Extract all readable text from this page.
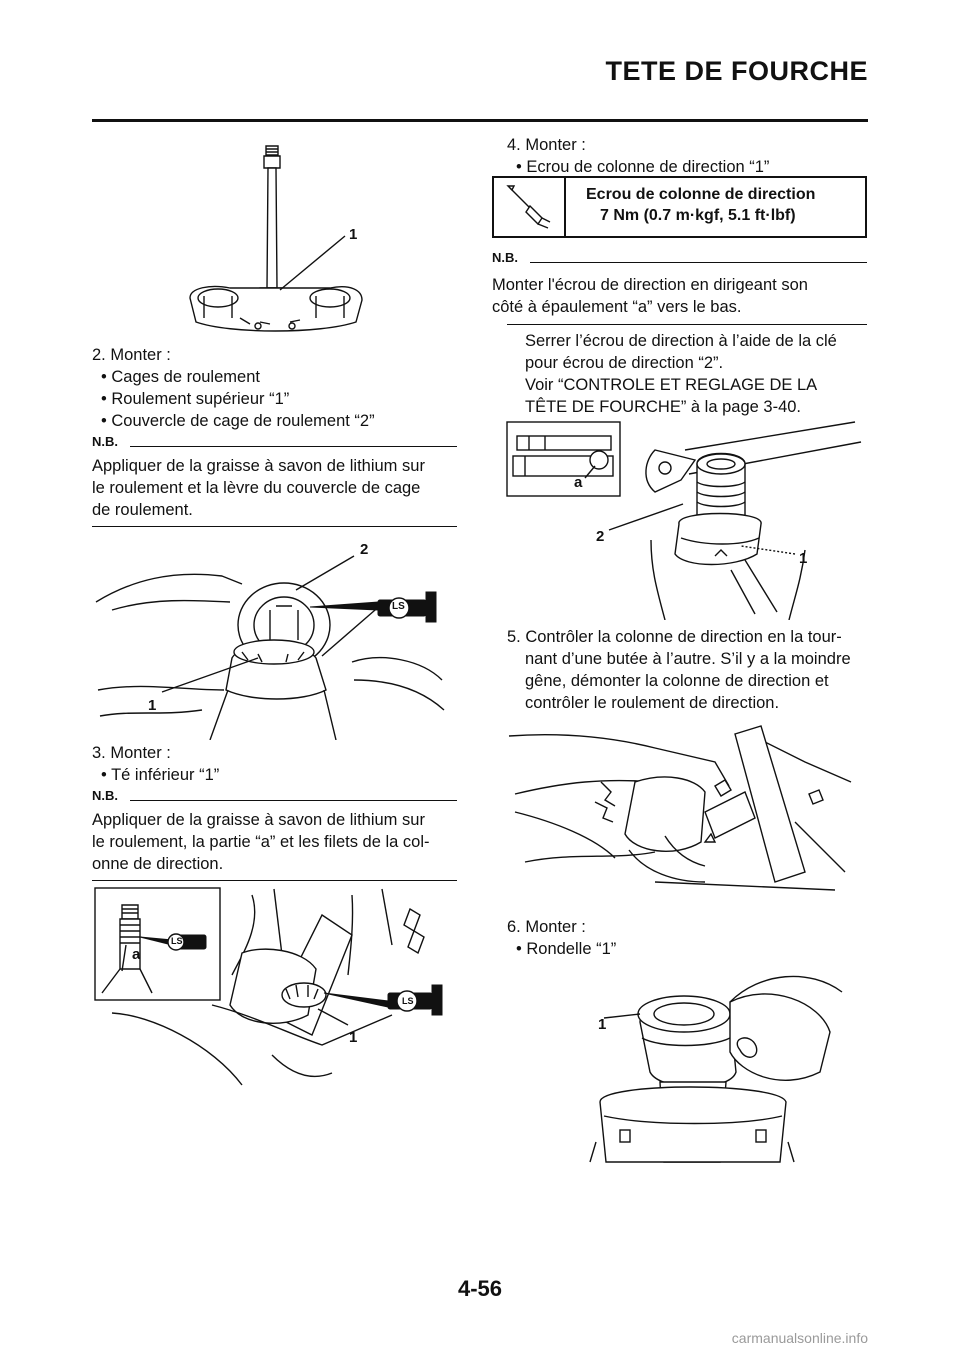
TETE DE FOURCHE
1
2. Monter :
• Cages de roulement
• Roulement supérieur “1”
• Couvercle de cage de roulement “2”
N.B.
Appliquer de la graisse à savon de lithium sur
le roulement et la lèvre du couvercle de cage
de roulement.
2
1
LS
3. Monter :
• Té inférieur “1”
N.B.
Appliquer de la graisse à savon de lithium sur
le roulement, la partie “a” et les filets de la col-
onne de direction.
a
1
LS
LS
4. Monter :
• Ecrou de colonne de direction “1”
Ecrou de colonne de direction
7 Nm (0.7 m·kgf, 5.1 ft·lbf)
N.B.
Monter l'écrou de direction en dirigeant son
côté à épaulement “a” vers le bas.
Serrer l’écrou de direction à l’aide de la clé
pour écrou de direction “2”.
Voir “CONTROLE ET REGLAGE DE LA
TÊTE DE FOURCHE” à la page 3-40.
a
2
1
5. Contrôler la colonne de direction en la tour-
nant d’une butée à l’autre. S’il y a la moindre
gêne, démonter la colonne de direction et
contrôler le roulement de direction.
6. Monter :
• Rondelle “1”
1
4-56
carmanualsonline.info
